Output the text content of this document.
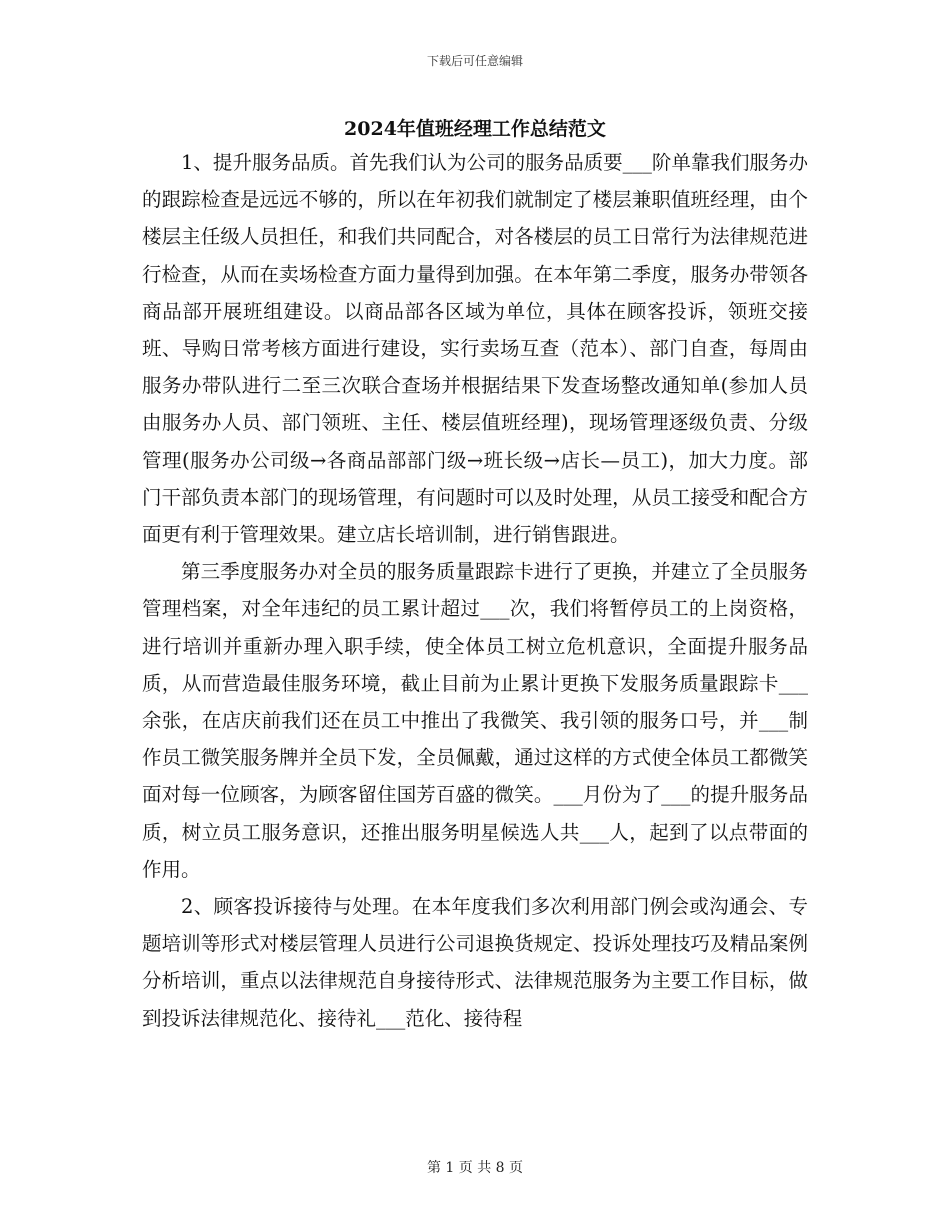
下载后可任意编辑
2024年值班经理工作总结范文

1、提升服务品质。首先我们认为公司的服务品质要___阶单靠我们服务办的跟踪检查是远远不够的，所以在年初我们就制定了楼层兼职值班经理，由个楼层主任级人员担任，和我们共同配合，对各楼层的员工日常行为法律规范进行检查，从而在卖场检查方面力量得到加强。在本年第二季度，服务办带领各商品部开展班组建设。以商品部各区域为单位，具体在顾客投诉，领班交接班、导购日常考核方面进行建设，实行卖场互查（范本）、部门自查，每周由服务办带队进行二至三次联合查场并根据结果下发查场整改通知单(参加人员由服务办人员、部门领班、主任、楼层值班经理)，现场管理逐级负责、分级管理(服务办公司级→各商品部部门级→班长级→店长—员工)，加大力度。部门干部负责本部门的现场管理，有问题时可以及时处理，从员工接受和配合方面更有利于管理效果。建立店长培训制，进行销售跟进。

第三季度服务办对全员的服务质量跟踪卡进行了更换，并建立了全员服务管理档案，对全年违纪的员工累计超过___次，我们将暂停员工的上岗资格，进行培训并重新办理入职手续，使全体员工树立危机意识，全面提升服务品质，从而营造最佳服务环境，截止目前为止累计更换下发服务质量跟踪卡___余张，在店庆前我们还在员工中推出了我微笑、我引领的服务口号，并___制作员工微笑服务牌并全员下发，全员佩戴，通过这样的方式使全体员工都微笑面对每一位顾客，为顾客留住国芳百盛的微笑。___月份为了___的提升服务品质，树立员工服务意识，还推出服务明星候选人共___人，起到了以点带面的作用。

2、顾客投诉接待与处理。在本年度我们多次利用部门例会或沟通会、专题培训等形式对楼层管理人员进行公司退换货规定、投诉处理技巧及精品案例分析培训，重点以法律规范自身接待形式、法律规范服务为主要工作目标，做到投诉法律规范化、接待礼___范化、接待程

第 1 页 共 8 页
